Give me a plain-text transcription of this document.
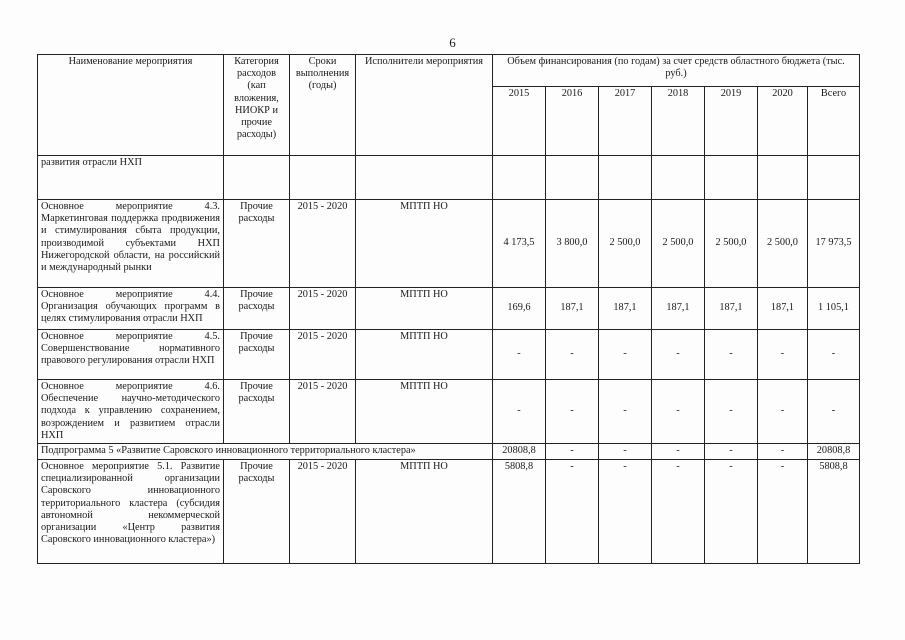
6
Наименование мероприятия	Категория расходов (кап вложения, НИОКР и прочие расходы)	Сроки выполнения (годы)	Исполнители мероприятия	Объем финансирования (по годам) за счет средств областного бюджета (тыс. руб.)						
				2015	2016	2017	2018	2019	2020	Всего
развития отрасли НХП										
Основное мероприятие 4.3. Маркетинговая поддержка продвижения и стимулирования сбыта продукции, производимой субъектами НХП Нижегородской области, на российский и международный рынки	Прочие расходы	2015 - 2020	МПТП НО	4 173,5	3 800,0	2 500,0	2 500,0	2 500,0	2 500,0	17 973,5
Основное мероприятие 4.4. Организация обучающих программ в целях стимулирования отрасли НХП	Прочие расходы	2015 - 2020	МПТП НО	169,6	187,1	187,1	187,1	187,1	187,1	1 105,1
Основное мероприятие 4.5. Совершенствование нормативного правового регулирования отрасли НХП	Прочие расходы	2015 - 2020	МПТП НО	-	-	-	-	-	-	-
Основное мероприятие 4.6. Обеспечение научно-методического подхода к управлению сохранением, возрождением и развитием отрасли НХП	Прочие расходы	2015 - 2020	МПТП НО	-	-	-	-	-	-	-
Подпрограмма 5 «Развитие Саровского инновационного территориального кластера»				20808,8	-	-	-	-	-	20808,8
Основное мероприятие 5.1. Развитие специализированной организации Саровского инновационного территориального кластера (субсидия автономной некоммерческой организации «Центр развития Саровского инновационного кластера»)	Прочие расходы	2015 - 2020	МПТП НО	5808,8	-	-	-	-	-	5808,8
